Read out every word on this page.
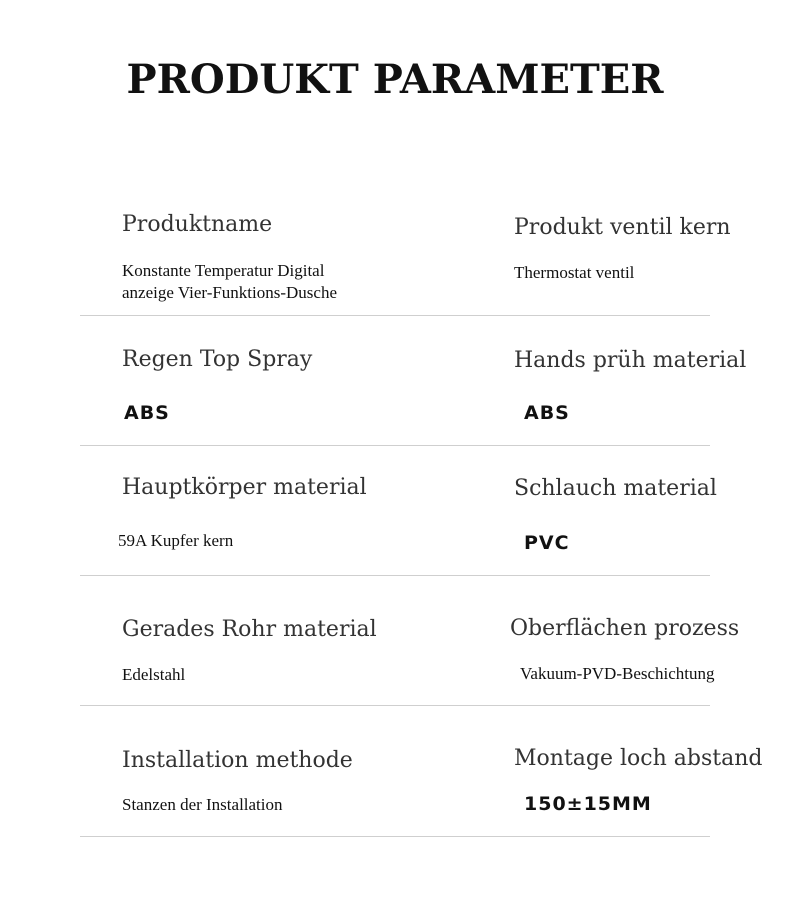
PRODUKT PARAMETER
Produktname
Konstante Temperatur Digital
anzeige Vier-Funktions-Dusche
Produkt ventil kern
Thermostat ventil
Regen Top Spray
ABS
Hands prüh material
ABS
Hauptkörper material
59A Kupfer kern
Schlauch material
PVC
Gerades Rohr material
Edelstahl
Oberflächen prozess
Vakuum-PVD-Beschichtung
Installation methode
Stanzen der Installation
Montage loch abstand
150±15MM
